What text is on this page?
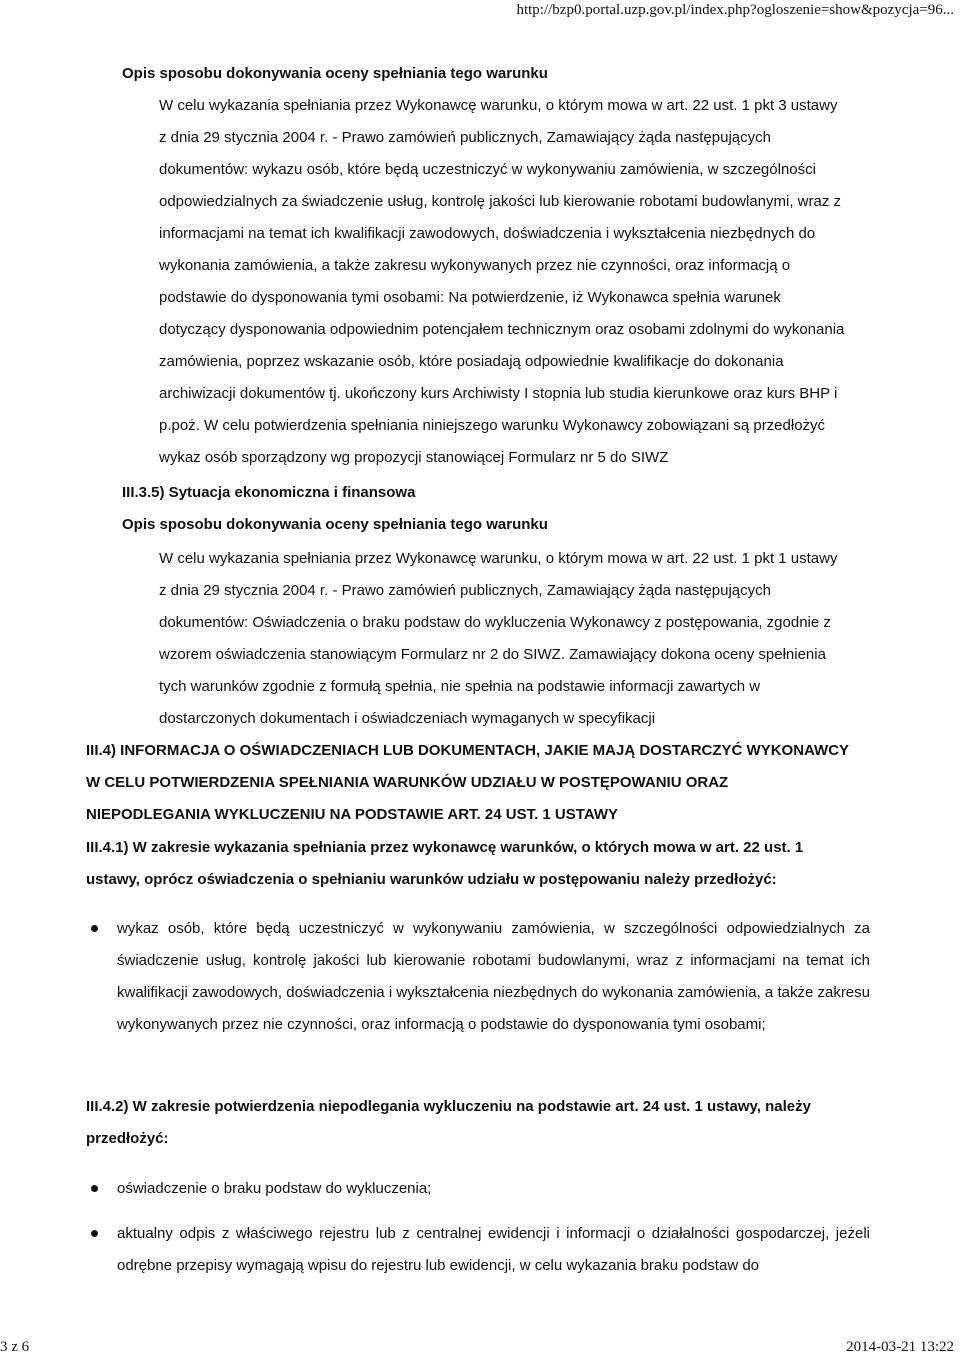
http://bzp0.portal.uzp.gov.pl/index.php?ogloszenie=show&pozycja=96...
Opis sposobu dokonywania oceny spełniania tego warunku
W celu wykazania spełniania przez Wykonawcę warunku, o którym mowa w art. 22 ust. 1 pkt 3 ustawy
z dnia 29 stycznia 2004 r. - Prawo zamówień publicznych, Zamawiający żąda następujących
dokumentów: wykazu osób, które będą uczestniczyć w wykonywaniu zamówienia, w szczególności
odpowiedzialnych za świadczenie usług, kontrolę jakości lub kierowanie robotami budowlanymi, wraz z
informacjami na temat ich kwalifikacji zawodowych, doświadczenia i wykształcenia niezbędnych do
wykonania zamówienia, a także zakresu wykonywanych przez nie czynności, oraz informacją o
podstawie do dysponowania tymi osobami: Na potwierdzenie, iż Wykonawca spełnia warunek
dotyczący dysponowania odpowiednim potencjałem technicznym oraz osobami zdolnymi do wykonania
zamówienia, poprzez wskazanie osób, które posiadają odpowiednie kwalifikacje do dokonania
archiwizacji dokumentów tj. ukończony kurs Archiwisty I stopnia lub studia kierunkowe oraz kurs BHP i
p.poż. W celu potwierdzenia spełniania niniejszego warunku Wykonawcy zobowiązani są przedłożyć
wykaz osób sporządzony wg propozycji stanowiącej Formularz nr 5 do SIWZ
III.3.5) Sytuacja ekonomiczna i finansowa
Opis sposobu dokonywania oceny spełniania tego warunku
W celu wykazania spełniania przez Wykonawcę warunku, o którym mowa w art. 22 ust. 1 pkt 1 ustawy
z dnia 29 stycznia 2004 r. - Prawo zamówień publicznych, Zamawiający żąda następujących
dokumentów: Oświadczenia o braku podstaw do wykluczenia Wykonawcy z postępowania, zgodnie z
wzorem oświadczenia stanowiącym Formularz nr 2 do SIWZ. Zamawiający dokona oceny spełnienia
tych warunków zgodnie z formułą spełnia, nie spełnia na podstawie informacji zawartych w
dostarczonych dokumentach i oświadczeniach wymaganych w specyfikacji
III.4) INFORMACJA O OŚWIADCZENIACH LUB DOKUMENTACH, JAKIE MAJĄ DOSTARCZYĆ WYKONAWCY
W CELU POTWIERDZENIA SPEŁNIANIA WARUNKÓW UDZIAŁU W POSTĘPOWANIU ORAZ
NIEPODLEGANIA WYKLUCZENIU NA PODSTAWIE ART. 24 UST. 1 USTAWY
III.4.1) W zakresie wykazania spełniania przez wykonawcę warunków, o których mowa w art. 22 ust. 1
ustawy, oprócz oświadczenia o spełnianiu warunków udziału w postępowaniu należy przedłożyć:
wykaz osób, które będą uczestniczyć w wykonywaniu zamówienia, w szczególności odpowiedzialnych za świadczenie usług, kontrolę jakości lub kierowanie robotami budowlanymi, wraz z informacjami na temat ich kwalifikacji zawodowych, doświadczenia i wykształcenia niezbędnych do wykonania zamówienia, a także zakresu wykonywanych przez nie czynności, oraz informacją o podstawie do dysponowania tymi osobami;
III.4.2) W zakresie potwierdzenia niepodlegania wykluczeniu na podstawie art. 24 ust. 1 ustawy, należy
przedłożyć:
oświadczenie o braku podstaw do wykluczenia;
aktualny odpis z właściwego rejestru lub z centralnej ewidencji i informacji o działalności gospodarczej, jeżeli odrębne przepisy wymagają wpisu do rejestru lub ewidencji, w celu wykazania braku podstaw do
3 z 6	2014-03-21 13:22
